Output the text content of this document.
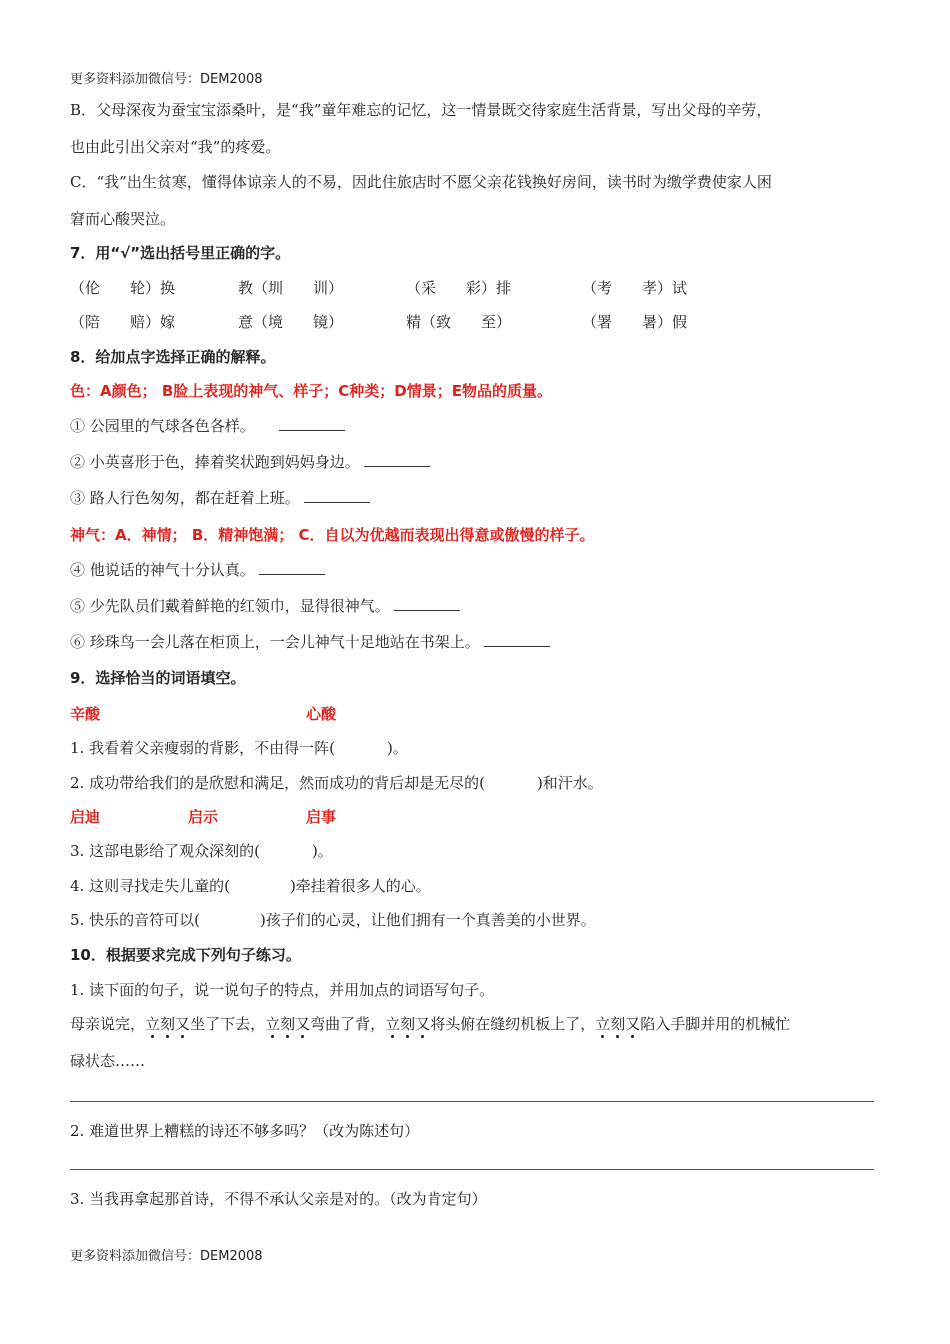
更多资料添加微信号：DEM2008
B．父母深夜为蚕宝宝添桑叶，是“我”童年难忘的记忆，这一情景既交待家庭生活背景，写出父母的辛劳，
也由此引出父亲对“我”的疼爱。
C．“我”出生贫寒，懂得体谅亲人的不易，因此住旅店时不愿父亲花钱换好房间，读书时为缴学费使家人困
窘而心酸哭泣。
7．用“√”选出括号里正确的字。
（伦　　轮）换	教（圳　　训）	（采　　彩）排	（考　　孝）试
（陪　　赔）嫁	意（境　　镜）	精（致　　至）	（署　　暑）假
8．给加点字选择正确的解释。
色：A颜色； B脸上表现的神气、样子；C种类；D情景；E物品的质量。
① 公园里的气球各色各样。
② 小英喜形于色，捧着奖状跑到妈妈身边。
③ 路人行色匆匆，都在赶着上班。
神气：A．神情； B．精神饱满； C．自以为优越而表现出得意或傲慢的样子。
④ 他说话的神气十分认真。
⑤ 少先队员们戴着鲜艳的红领巾，显得很神气。
⑥ 珍珠鸟一会儿落在柜顶上，一会儿神气十足地站在书架上。
9．选择恰当的词语填空。
辛酸	心酸
1. 我看着父亲瘦弱的背影，不由得一阵(	)。
2. 成功带给我们的是欣慰和满足，然而成功的背后却是无尽的(	)和汗水。
启迪	启示	启事
3. 这部电影给了观众深刻的(	)。
4. 这则寻找走失儿童的(	)牵挂着很多人的心。
5. 快乐的音符可以(	)孩子们的心灵，让他们拥有一个真善美的小世界。
10．根据要求完成下列句子练习。
1. 读下面的句子，说一说句子的特点，并用加点的词语写句子。
母亲说完，立刻又坐了下去，立刻又弯曲了背，立刻又将头俯在缝纫机板上了，立刻又陷入手脚并用的机械忙
碌状态……
2. 难道世界上糟糕的诗还不够多吗？（改为陈述句）
3. 当我再拿起那首诗，不得不承认父亲是对的。（改为肯定句）
更多资料添加微信号：DEM2008
